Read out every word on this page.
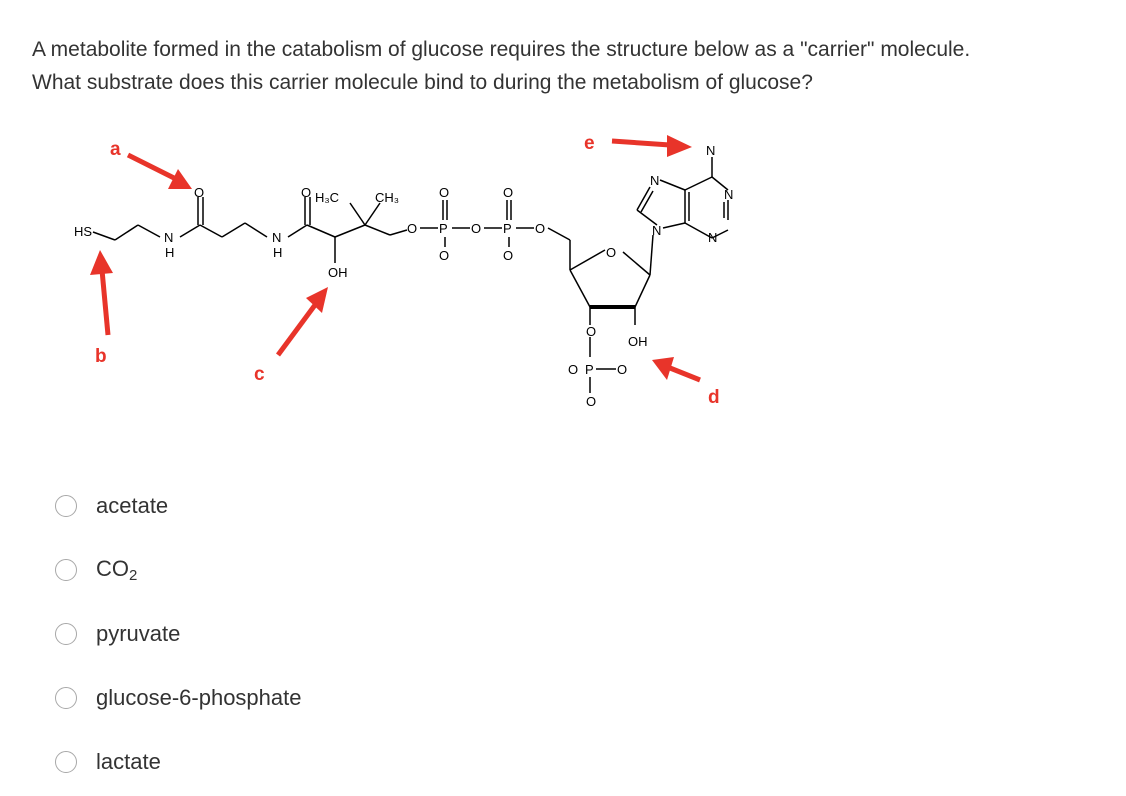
A metabolite formed in the catabolism of glucose requires the structure below as a "carrier" molecule.

What substrate does this carrier molecule bind to during the metabolism of glucose?

HS	N
H
O
N
H
O H₃C	CH₃
OH
O P
O
O
O P
O
O
O
O
O
OH
O P O
O
N
N
N
N
N
a
b
c
d
e
acetate
$CO_2$
pyruvate
glucose-6-phosphate
lactate
